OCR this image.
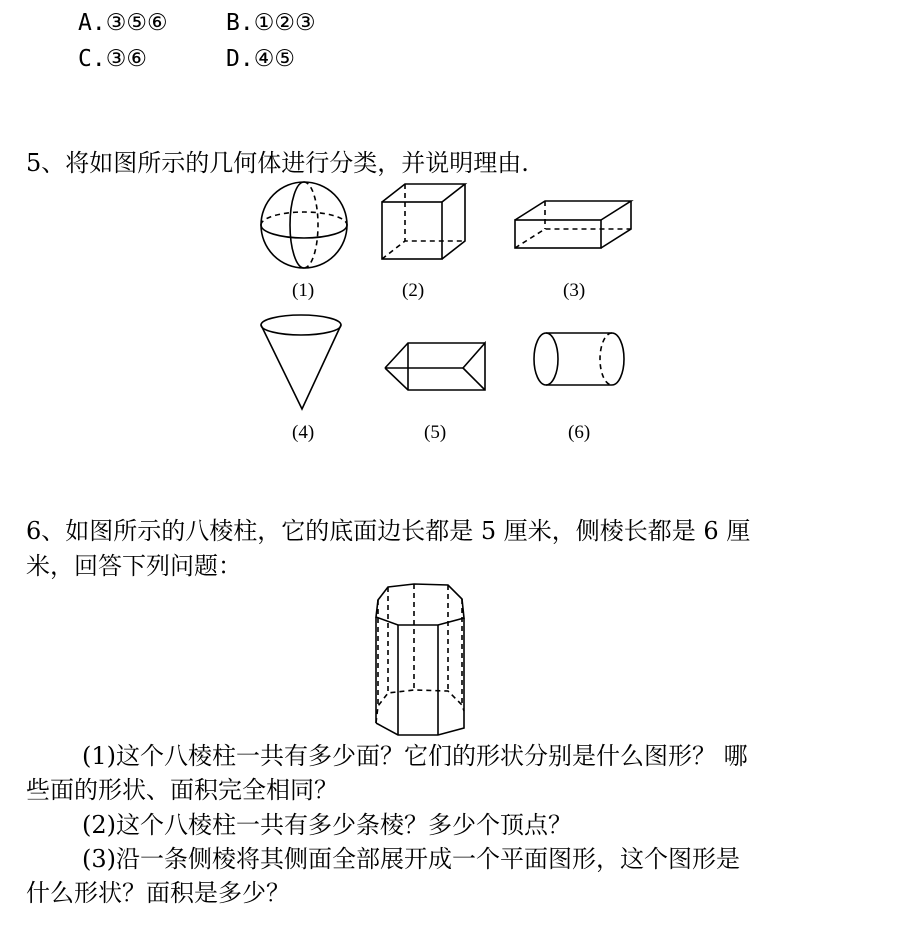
A.③⑤⑥	B.①②③
C.③⑥	D.④⑤
5、将如图所示的几何体进行分类，并说明理由.
(1)	(2)	(3)
(4)	(5)	(6)
6、如图所示的八棱柱，它的底面边长都是 5 厘米，侧棱长都是 6 厘
米，回答下列问题：
(1)这个八棱柱一共有多少面？它们的形状分别是什么图形？ 哪
些面的形状、面积完全相同？
(2)这个八棱柱一共有多少条棱？多少个顶点？
(3)沿一条侧棱将其侧面全部展开成一个平面图形，这个图形是
什么形状？面积是多少？
